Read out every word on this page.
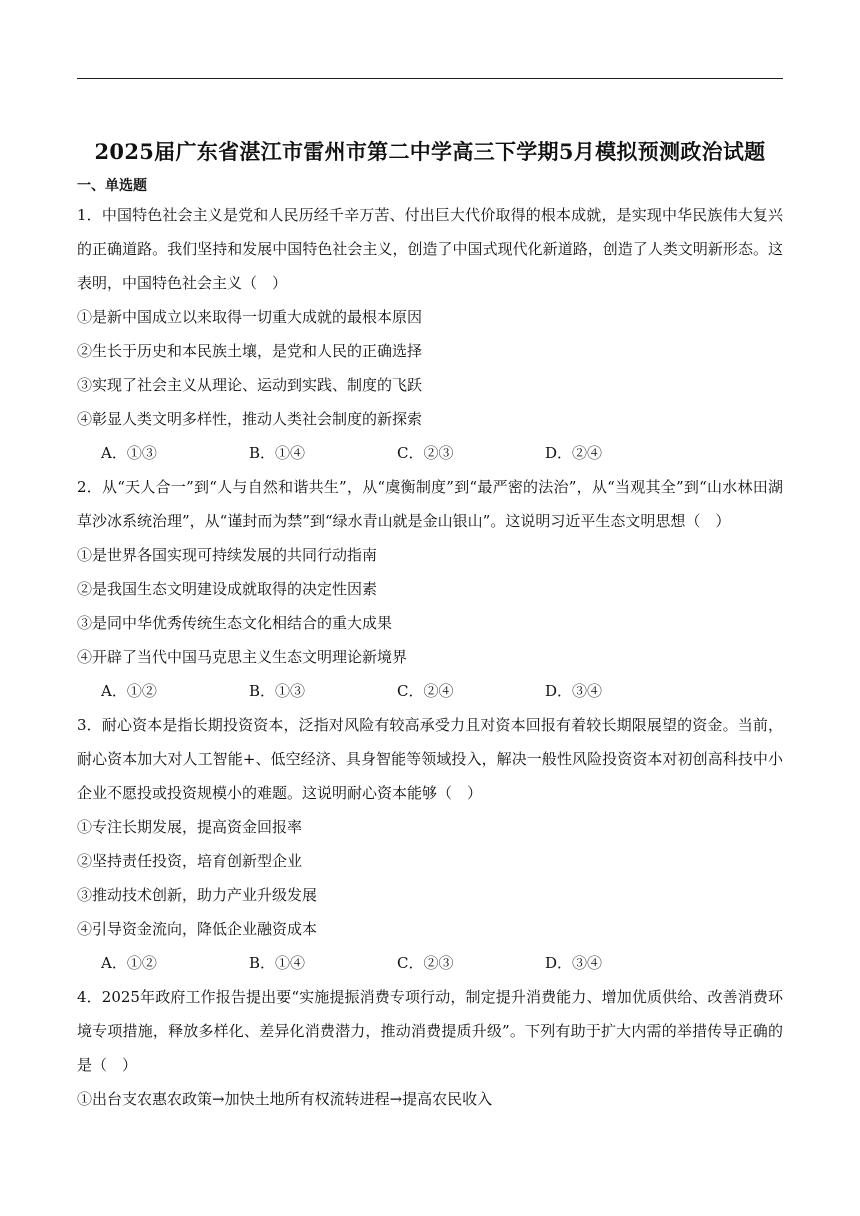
2025届广东省湛江市雷州市第二中学高三下学期5月模拟预测政治试题
一、单选题

1．中国特色社会主义是党和人民历经千辛万苦、付出巨大代价取得的根本成就，是实现中华民族伟大复兴的正确道路。我们坚持和发展中国特色社会主义，创造了中国式现代化新道路，创造了人类文明新形态。这表明，中国特色社会主义（　）

①是新中国成立以来取得一切重大成就的最根本原因

②生长于历史和本民族土壤，是党和人民的正确选择

③实现了社会主义从理论、运动到实践、制度的飞跃

④彰显人类文明多样性，推动人类社会制度的新探索

A．①③	B．①④	C．②③	D．②④

2．从“天人合一”到“人与自然和谐共生”，从“虞衡制度”到“最严密的法治”，从“当观其全”到“山水林田湖草沙冰系统治理”，从“谨封而为禁”到“绿水青山就是金山银山”。这说明习近平生态文明思想（　）

①是世界各国实现可持续发展的共同行动指南

②是我国生态文明建设成就取得的决定性因素

③是同中华优秀传统生态文化相结合的重大成果

④开辟了当代中国马克思主义生态文明理论新境界

A．①②	B．①③	C．②④	D．③④

3．耐心资本是指长期投资资本，泛指对风险有较高承受力且对资本回报有着较长期限展望的资金。当前，耐心资本加大对人工智能+、低空经济、具身智能等领域投入，解决一般性风险投资资本对初创高科技中小企业不愿投或投资规模小的难题。这说明耐心资本能够（　）

①专注长期发展，提高资金回报率

②坚持责任投资，培育创新型企业

③推动技术创新，助力产业升级发展

④引导资金流向，降低企业融资成本

A．①②	B．①④	C．②③	D．③④

4．2025年政府工作报告提出要“实施提振消费专项行动，制定提升消费能力、增加优质供给、改善消费环境专项措施，释放多样化、差异化消费潜力，推动消费提质升级”。下列有助于扩大内需的举措传导正确的是（　）

①出台支农惠农政策→加快土地所有权流转进程→提高农民收入
